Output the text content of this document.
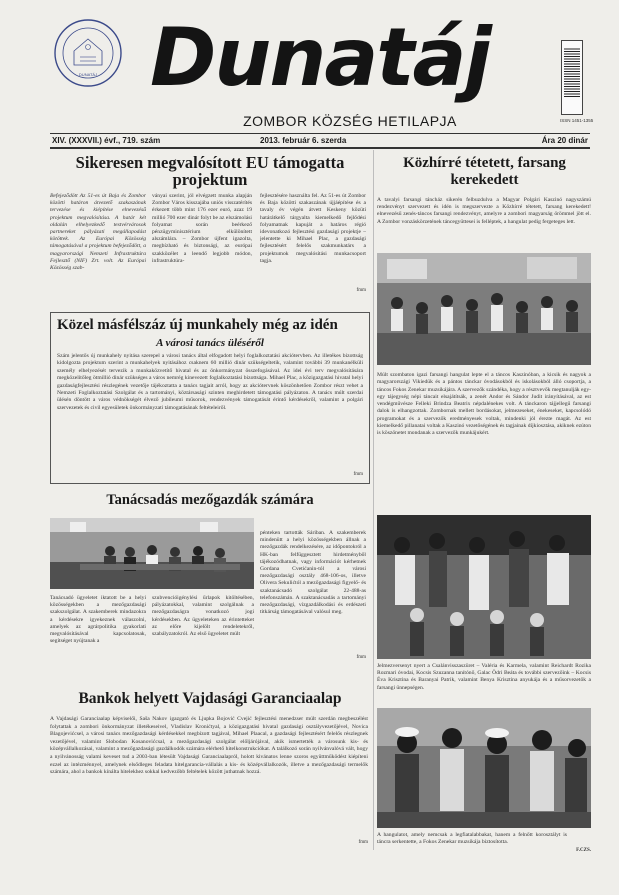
DUNATÁJ Dunatáj
ISSN 1451-1355
ZOMBOR KÖZSÉG HETILAPJA
XIV. (XXXVII.) évf., 719. szám	2013. február 6. szerda	Ára 20 dinár
Sikeresen megvalósított EU támogatta projektum
Befejeződött Az 51-es út Baja és Zombor közötti határon átvezető szakaszának tervezése és kiépítése elnevezésű projektum megvalósítása. A határ két oldalán elhelyezkedő testvérvárosok partnereket pályázati megállapodást kötöttek. Az Európai Közösség támogatásával a projektum befejeződött, a magyarországi Nemzeti Infrastruktúra Fejlesztő (NIF) Zrt. volt. Az Európai Közösség szab-
ványai szerint, jól elvégzett munka alapján Zombor Város kisszajába uniós visszatérítés érkezett több mint 176 ezer euró, azaz 19 millió 700 ezer dinár folyt be az elszámolási folyamat során beérkező pénzügyminisztérium elkülönített alszámlára. – Zombor újfent igazolta, megbízható és biztonsági, az európai szakközélet a leendő legjobb módon, infrastruktúra-
fejlesztésére használta fel. Az 51-es út Zombor és Baja közötti szakaszának újjáépítése és a tavaly év végén átvett Keskeny közüti határátkelő tárgyalta kiemelkedő fejlődési folyamatnak kapuját a határos régió idevonatkozó fejlesztési gazdasági projektje – jelentette ki Mihael Plac, a gazdasági fejlesztésért felelős szakmunkatárs a projektumok megvalósítási munkacsoport tagja.
fmm
Közel másfélszáz új munkahely még az idén
A városi tanács üléséről
Szám jelentős új munkahely nyitása szerepel a városi tanács által elfogadott helyi foglalkoztatási akciótervben. Az illetékes bizottság kidolgozta projektum szerint a munkahelyek nyitásához csaknem 60 millió dinár szükségeltetik, valamint további 39 munkanélküli személy elhelyezését tervezik a munkaközvetítő hivatal és az önkormányzat összefogásával. Az idei évi terv megvalósítására megközelítőleg ötmillió dinár szükséges a város nemrég kinevezett foglalkoztatási bizottsága. Mihael Plac, a közigazgatási hivatal helyi gazdaságfejlesztési részlegének vezetője tájékoztatta a tanács tagjait arról, hogy az akciótervnek köszönhetően Zombor részt vehet a Nemzeti Foglalkoztatási Szolgálat és a tartományi, köztársasági szinten meghirdetett támogatási pályázaton. A tanács múlt szerdai ülésén döntött a város védnökségét élvező jubileumi műsorok, rendezvények támogatását érintő kérdésekről, valamint a polgári szervezetek és civil egyesületek önkormányzati támogatásának feltételeiről.
fmm
Tanácsadás mezőgazdák számára
Tanácsadó ügyeletet iktatott be a helyi közösségekben a mezőgazdasági szakszolgálat. A szakemberek mindazokra a kérdésekre igyekeznek válaszolni, amelyek az agrárpolitika gyakorlati megvalósításával kapcsolatosak, segítséget nyújtanak a
szubvencióigénylési űrlapok kitöltésében, pályázatokkal, valamint szolgálnak a mezőgazdaságra vonatkozó jogi kérdésekben. Az ügyeleteken az érintetteket az előre kijelölt rendeletekről, szabályzatokról. Az első ügyeletet múlt
pénteken tartották Sáriban. A szakemberek mindenütt a helyi közösségekben állnak a mezőgazdák rendelkezésére, az időpontokról a HK-ban felfüggesztett hirdetményből tájékozódhatnak, vagy információt kérhetnek Gordana Cvetićanin-tól a városi mezőgazdasági osztály 468-106-os, illetve Olivera Sekulićtól a mezőgazdasági figyelő- és szaktanácsadó szolgálat 22-488-as telefonszámán. A szaktanácsadás a tartományi mezőgazdasági, vízgazdálkodási és erdészeti titkárság támogatásával valósul meg.
fmm
Bankok helyett Vajdasági Garanciaalap
A Vajdasági Garanciaalap képviselői, Saša Nakov igazgató és Ljupka Bojović Cvejić fejlesztési menedzser múlt szerdán megbeszélést folytattak a zombori önkormányzat illetékeseivel, Vladislav Kronićtyal, a közigazgatási hivatal gazdasági osztályvezetőjével, Novica Blagojevićcsel, a városi tanács mezőgazdasági kérdésekkel megbízott tagjával, Mihael Plaacal, a gazdasági fejlesztésért felelős részlegnek vezetőjével, valamint Slobodan Kosanovićcsal, a mezőgazdasági szolgálat előljárójával, akik ismertették a városunk kis- és középvállalkozásai, valamint a mezőgazdasági gazdálkodók számára elérhető hitelkonstrukciókat. A találkozó során nyilvánvalóvá vált, hogy a nyilvánosság valami keveset tud a 2003-ban létesült Vajdasági Garanciaalapról, holott kivánatos lenne szoros együttműködést kiépíteni ezzel az intézménnyel, amelynek elsődleges feladata hitelgarancia-vállalás a kis- és középvállalkozók, illetve a mezőgazdasági termelők számára, ahol a bankok kínálta hitelekhez sokkal kedvezőbb feltételek között juthatnak hozzá.
fmm
Közhírré tétetett, farsang kerekedett
A tavalyi farsangi táncház sikerén felbuzdulva a Magyar Polgári Kaszinó nagyszámú rendezvényt szervezett és idén is megszervezte a Közhírré tétetett, farsang kerekedett! elnevezésű zenés-táncos farsangi rendezvényt, amelyre a zombori magyarság örömmel jött el. A Zombor vonzáskörzetének táncegyüttesei is felléptek, a hangulat pedig fergeteges lett.
Múlt szombaton igazi farsangi hangulat lepte el a táncos Kaszinóban, a kicsik és nagyok a magyarországi Vikiedük és a pántos tánckar óvodásokból és iskolásokból álló csoportja, a táncos Fokos Zenekar muzsikájára. A szervezők szándéka, hogy a résztvevők megtanulják egy-egy tájegység népi táncait elsajátítsák, a zenét Andor és Sándor Judit irányításával, az est vendégművésze Felleki Brindza Beatrix népdalénekes volt. A tánckaron tájjellegű farsangi dalok is elhangzottak. Zombornak mellett bordásokat, jelmezeseket, énekeseket, kapcsolódó programokat és a szervezők eredményesek voltak, mindenki jól érezte magát. Az est kiemelkedő pillanatai voltak a Kaszinó vezetőségének és tagjainak díjkiosztása, akiknek ezúton is köszönetet mondanak a szervezők munkájukért.
Jelmezversenyt nyert a Csalánvisszaszüret – Valéria és Karmela, valamint Reichardt Rozika Rozmari óvodai, Kocsis Szuzanna tanítónő, Galac Ödri Beáta és további szervezőink – Kocsis Éva Krisztina és Baranyai Patrik, valamint Benya Krisztina anyukája és a műsorvezetők a farsangi ünnepségen.
A hangulatot, amely nemcsak a legfiatalabbakat, hanem a felnőtt korosztályt is táncra serkentette, a Fokos Zenekar muzsikája biztosította.
F.CZS.
